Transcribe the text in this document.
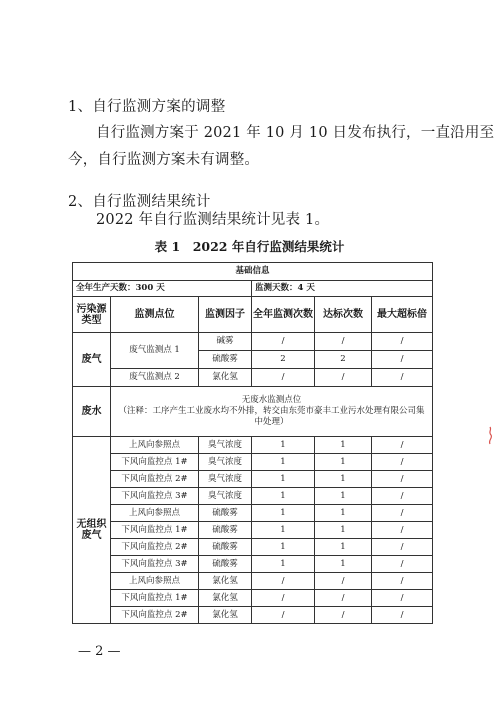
1、自行监测方案的调整
自行监测方案于 2021 年 10 月 10 日发布执行，一直沿用至
今，自行监测方案未有调整。
2、自行监测结果统计
2022 年自行监测结果统计见表 1。
表 1　2022 年自行监测结果统计
基础信息					
全年生产天数：300 天			监测天数：4 天		
污染源类型	监测点位	监测因子	全年监测次数	达标次数	最大超标倍
废气	废气监测点 1	碱雾	/	/	/
		硫酸雾	2	2	/
	废气监测点 2	氯化氢	/	/	/
废水	无废水监测点位
（注释：工序产生工业废水均不外排，转交由东莞市豪丰工业污水处理有限公司集中处理）				

无组织废气	上风向参照点	臭气浓度	1	1	/
	下风向监控点 1#	臭气浓度	1	1	/
	下风向监控点 2#	臭气浓度	1	1	/
	下风向监控点 3#	臭气浓度	1	1	/
	上风向参照点	硫酸雾	1	1	/
	下风向监控点 1#	硫酸雾	1	1	/
	下风向监控点 2#	硫酸雾	1	1	/
	下风向监控点 3#	硫酸雾	1	1	/
	上风向参照点	氯化氢	/	/	/
	下风向监控点 1#	氯化氢	/	/	/
	下风向监控点 2#	氯化氢	/	/	/
— 2 —
